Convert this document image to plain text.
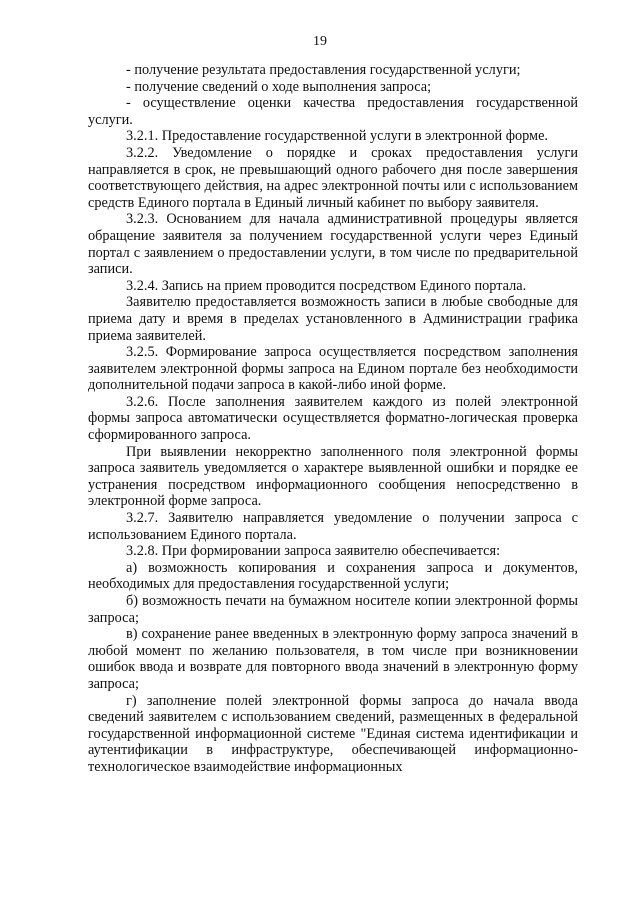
19

- получение результата предоставления государственной услуги;

- получение сведений о ходе выполнения запроса;

- осуществление оценки качества предоставления государственной услуги.

3.2.1. Предоставление государственной услуги в электронной форме.

3.2.2. Уведомление о порядке и сроках предоставления услуги направляется в срок, не превышающий одного рабочего дня после завершения соответствующего действия, на адрес электронной почты или с использованием средств Единого портала в Единый личный кабинет по выбору заявителя.

3.2.3. Основанием для начала административной процедуры является обращение заявителя за получением государственной услуги через Единый портал с заявлением о предоставлении услуги, в том числе по предварительной записи.

3.2.4. Запись на прием проводится посредством Единого портала.

Заявителю предоставляется возможность записи в любые свободные для приема дату и время в пределах установленного в Администрации графика приема заявителей.

3.2.5. Формирование запроса осуществляется посредством заполнения заявителем электронной формы запроса на Едином портале без необходимости дополнительной подачи запроса в какой-либо иной форме.

3.2.6. После заполнения заявителем каждого из полей электронной формы запроса автоматически осуществляется форматно-логическая проверка сформированного запроса.

При выявлении некорректно заполненного поля электронной формы запроса заявитель уведомляется о характере выявленной ошибки и порядке ее устранения посредством информационного сообщения непосредственно в электронной форме запроса.

3.2.7. Заявителю направляется уведомление о получении запроса с использованием Единого портала.

3.2.8. При формировании запроса заявителю обеспечивается:

а) возможность копирования и сохранения запроса и документов, необходимых для предоставления государственной услуги;

б) возможность печати на бумажном носителе копии электронной формы запроса;

в) сохранение ранее введенных в электронную форму запроса значений в любой момент по желанию пользователя, в том числе при возникновении ошибок ввода и возврате для повторного ввода значений в электронную форму запроса;

г) заполнение полей электронной формы запроса до начала ввода сведений заявителем с использованием сведений, размещенных в федеральной государственной информационной системе "Единая система идентификации и аутентификации в инфраструктуре, обеспечивающей информационно-технологическое взаимодействие информационных
